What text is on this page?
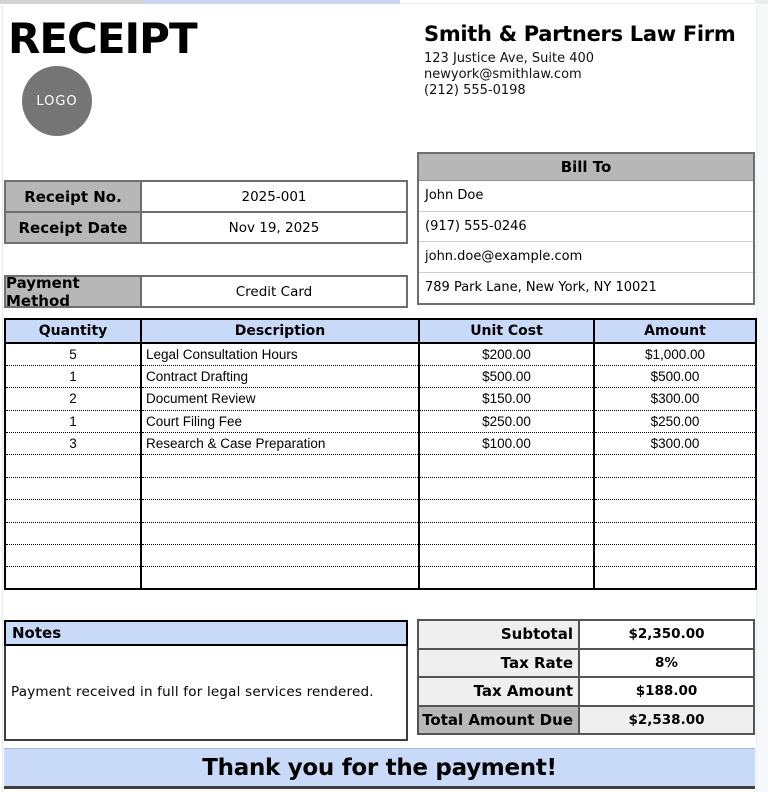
RECEIPT
LOGO
Smith & Partners Law Firm
123 Justice Ave, Suite 400
newyork@smithlaw.com
(212) 555-0198
Receipt No.	2025-001
Receipt Date	Nov 19, 2025
Payment Method	Credit Card
Bill To
John Doe
(917) 555-0246
john.doe@example.com
789 Park Lane, New York, NY 10021
Quantity	Description	Unit Cost	Amount
5	Legal Consultation Hours	$200.00	$1,000.00
1	Contract Drafting	$500.00	$500.00
2	Document Review	$150.00	$300.00
1	Court Filing Fee	$250.00	$250.00
3	Research & Case Preparation	$100.00	$300.00

Notes
Payment received in full for legal services rendered.
Subtotal	$2,350.00
Tax Rate	8%
Tax Amount	$188.00
Total Amount Due	$2,538.00
Thank you for the payment!
